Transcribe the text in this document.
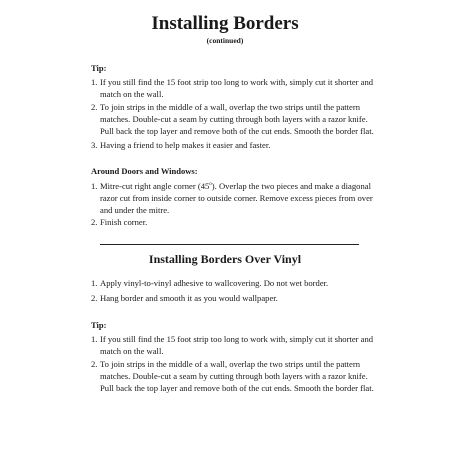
Installing Borders
(continued)
Tip:
1. If you still find the 15 foot strip too long to work with, simply cut it shorter and
match on the wall.
2. To join strips in the middle of a wall, overlap the two strips until the pattern
matches. Double-cut a seam by cutting through both layers with a razor knife.
Pull back the top layer and remove both of the cut ends. Smooth the border flat.
3. Having a friend to help makes it easier and faster.
Around Doors and Windows:
1. Mitre-cut right angle corner (45$^o$). Overlap the two pieces and make a diagonal
razor cut from inside corner to outside corner. Remove excess pieces from over
and under the mitre.
2. Finish corner.
Installing Borders Over Vinyl
1. Apply vinyl-to-vinyl adhesive to wallcovering. Do not wet border.
2. Hang border and smooth it as you would wallpaper.
Tip:
1. If you still find the 15 foot strip too long to work with, simply cut it shorter and
match on the wall.
2. To join strips in the middle of a wall, overlap the two strips until the pattern
matches. Double-cut a seam by cutting through both layers with a razor knife.
Pull back the top layer and remove both of the cut ends. Smooth the border flat.
